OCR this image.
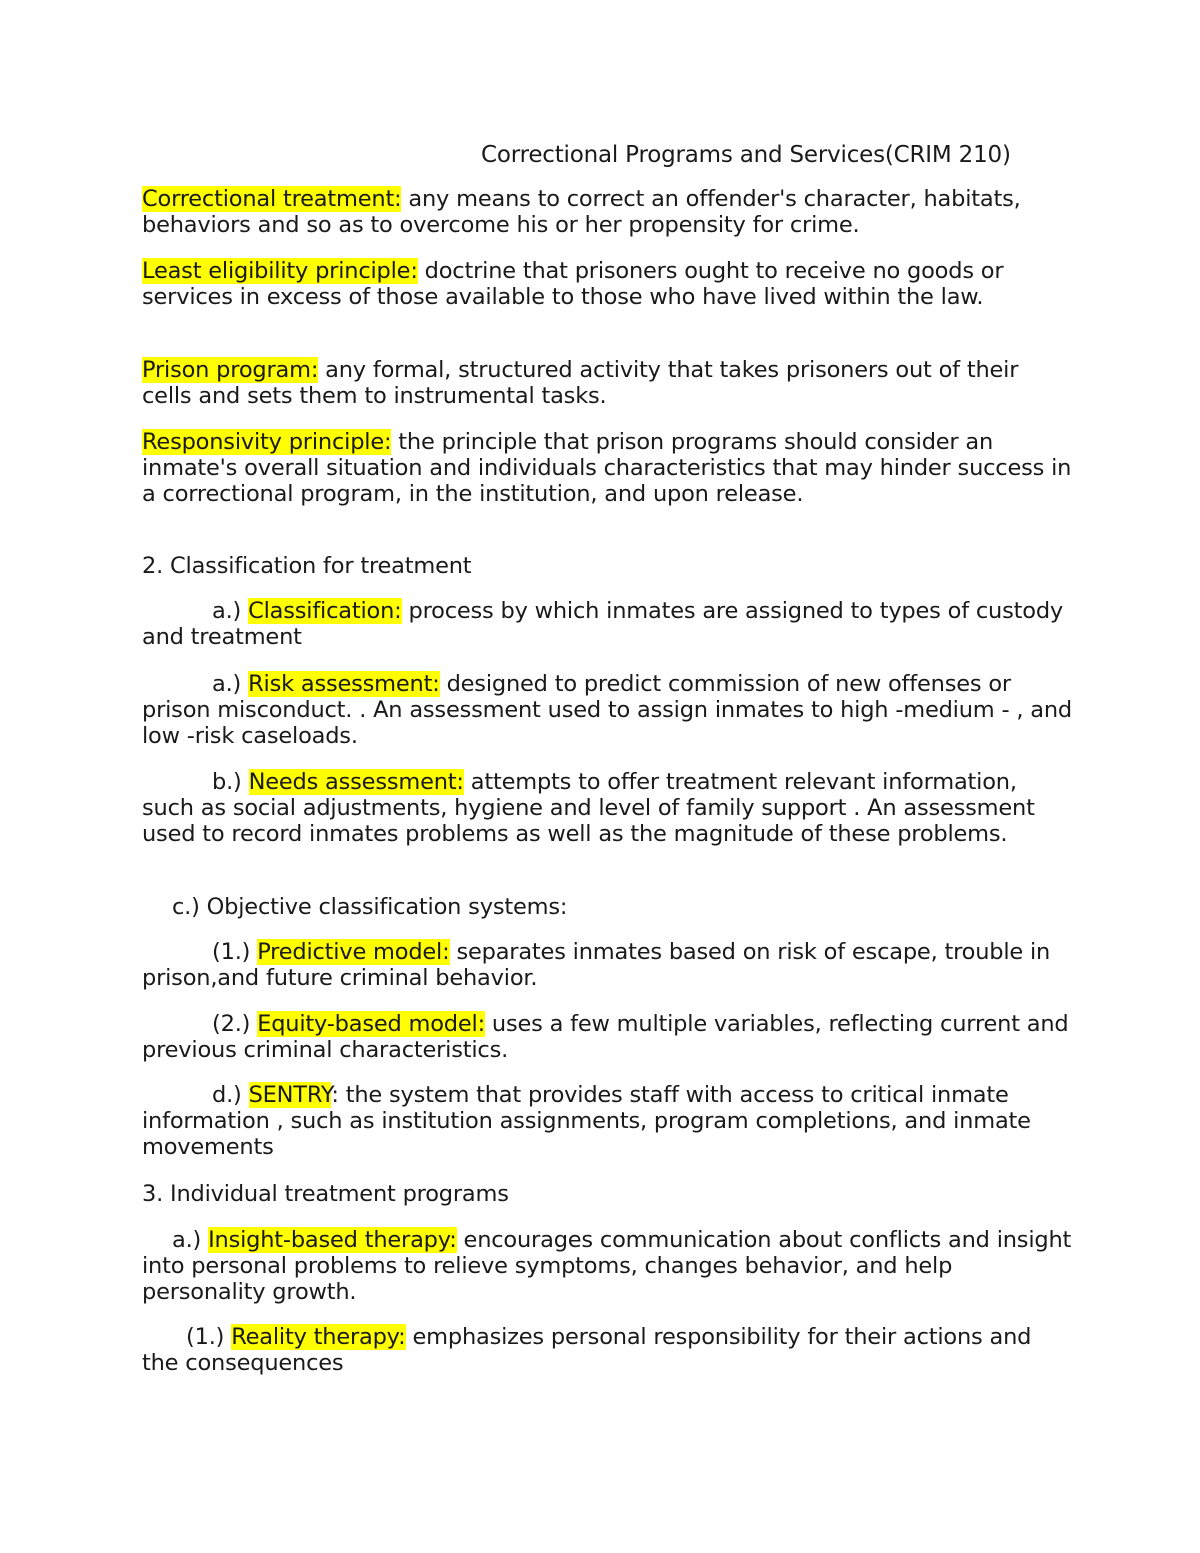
Correctional Programs and Services(CRIM 210)

Correctional treatment: any means to correct an offender's character, habitats, behaviors and so as to overcome his or her propensity for crime.

Least eligibility principle: doctrine that prisoners ought to receive no goods or services in excess of those available to those who have lived within the law.

Prison program: any formal, structured activity that takes prisoners out of their cells and sets them to instrumental tasks.

Responsivity principle: the principle that prison programs should consider an inmate's overall situation and individuals characteristics that may hinder success in a correctional program, in the institution, and upon release.

2. Classification for treatment

a.) Classification: process by which inmates are assigned to types of custody and treatment

a.) Risk assessment: designed to predict commission of new offenses or prison misconduct. . An assessment used to assign inmates to high -medium - , and low -risk caseloads.

b.) Needs assessment: attempts to offer treatment relevant information, such as social adjustments, hygiene and level of family support . An assessment used to record inmates problems as well as the magnitude of these problems.

c.) Objective classification systems:

(1.) Predictive model: separates inmates based on risk of escape, trouble in prison,and future criminal behavior.

(2.) Equity-based model: uses a few multiple variables, reflecting current and previous criminal characteristics.

d.) SENTRY: the system that provides staff with access to critical inmate information , such as institution assignments, program completions, and inmate movements

3. Individual treatment programs

a.) Insight-based therapy: encourages communication about conflicts and insight into personal problems to relieve symptoms, changes behavior, and help personality growth.

(1.) Reality therapy: emphasizes personal responsibility for their actions and the consequences
